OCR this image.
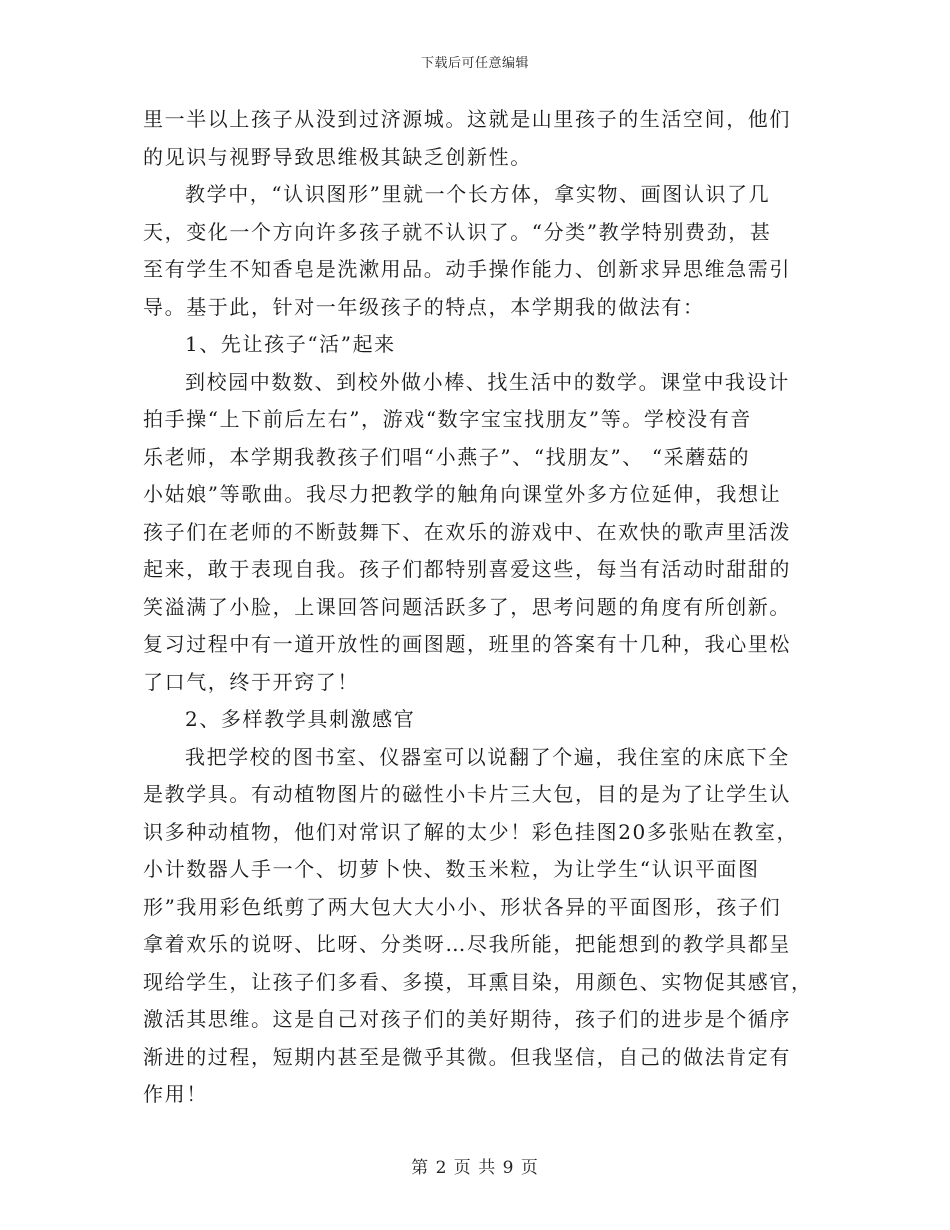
下载后可任意编辑
里一半以上孩子从没到过济源城。这就是山里孩子的生活空间，他们
的见识与视野导致思维极其缺乏创新性。
教学中，“认识图形”里就一个长方体，拿实物、画图认识了几
天，变化一个方向许多孩子就不认识了。“分类”教学特别费劲，甚
至有学生不知香皂是洗漱用品。动手操作能力、创新求异思维急需引
导。基于此，针对一年级孩子的特点，本学期我的做法有：
1、先让孩子“活”起来
到校园中数数、到校外做小棒、找生活中的数学。课堂中我设计
拍手操“上下前后左右”，游戏“数字宝宝找朋友”等。学校没有音
乐老师，本学期我教孩子们唱“小燕子”、“找朋友”、 “采蘑菇的
小姑娘”等歌曲。我尽力把教学的触角向课堂外多方位延伸，我想让
孩子们在老师的不断鼓舞下、在欢乐的游戏中、在欢快的歌声里活泼
起来，敢于表现自我。孩子们都特别喜爱这些，每当有活动时甜甜的
笑溢满了小脸，上课回答问题活跃多了，思考问题的角度有所创新。
复习过程中有一道开放性的画图题，班里的答案有十几种，我心里松
了口气，终于开窍了！
2、多样教学具刺激感官
我把学校的图书室、仪器室可以说翻了个遍，我住室的床底下全
是教学具。有动植物图片的磁性小卡片三大包，目的是为了让学生认
识多种动植物，他们对常识了解的太少！彩色挂图20多张贴在教室，
小计数器人手一个、切萝卜快、数玉米粒，为让学生“认识平面图
形”我用彩色纸剪了两大包大大小小、形状各异的平面图形，孩子们
拿着欢乐的说呀、比呀、分类呀…尽我所能，把能想到的教学具都呈
现给学生，让孩子们多看、多摸，耳熏目染，用颜色、实物促其感官，
激活其思维。这是自己对孩子们的美好期待，孩子们的进步是个循序
渐进的过程，短期内甚至是微乎其微。但我坚信，自己的做法肯定有
作用！
第 2 页 共 9 页
